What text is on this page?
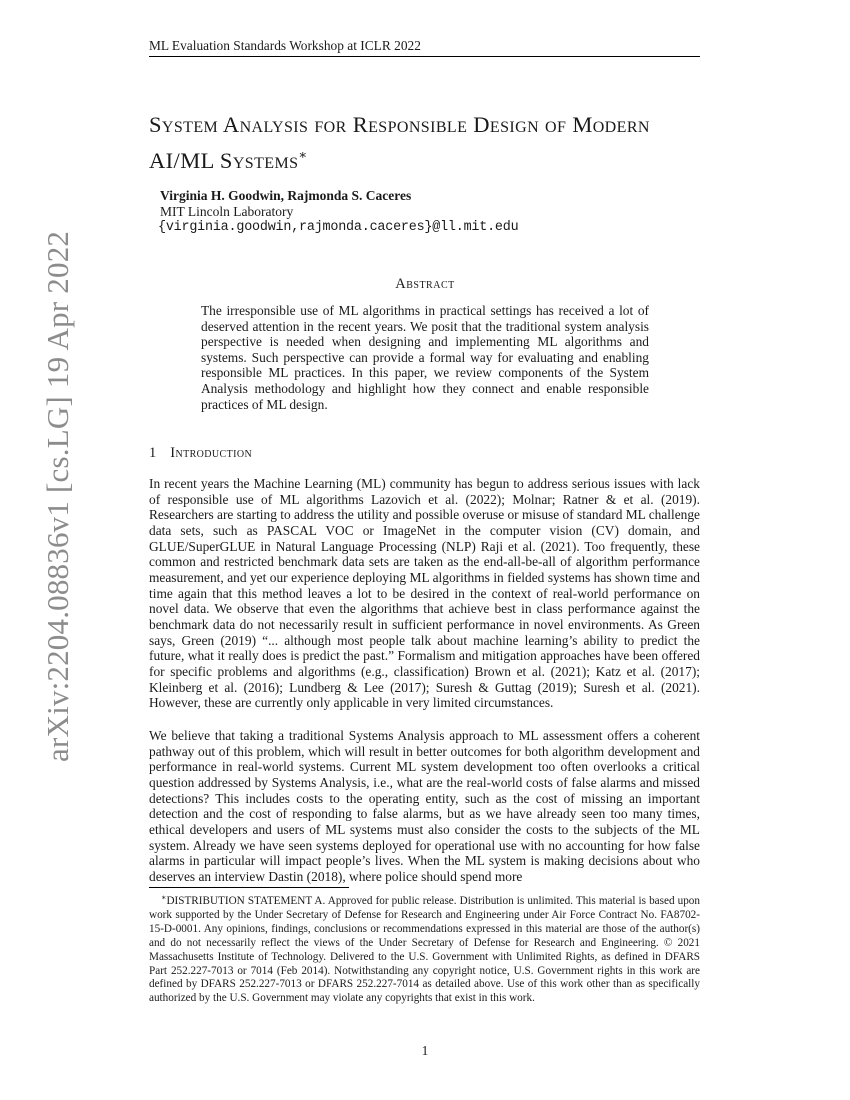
ML Evaluation Standards Workshop at ICLR 2022
arXiv:2204.08836v1 [cs.LG] 19 Apr 2022
System Analysis for Responsible Design of Modern AI/ML Systems∗
Virginia H. Goodwin, Rajmonda S. Caceres
MIT Lincoln Laboratory
{virginia.goodwin,rajmonda.caceres}@ll.mit.edu
Abstract
The irresponsible use of ML algorithms in practical settings has received a lot of deserved attention in the recent years. We posit that the traditional system analysis perspective is needed when designing and implementing ML algorithms and systems. Such perspective can provide a formal way for evaluating and enabling responsible ML practices. In this paper, we review components of the System Analysis methodology and highlight how they connect and enable responsible practices of ML design.
1 Introduction

In recent years the Machine Learning (ML) community has begun to address serious issues with lack of responsible use of ML algorithms Lazovich et al. (2022); Molnar; Ratner & et al. (2019). Researchers are starting to address the utility and possible overuse or misuse of standard ML challenge data sets, such as PASCAL VOC or ImageNet in the computer vision (CV) domain, and GLUE/SuperGLUE in Natural Language Processing (NLP) Raji et al. (2021). Too frequently, these common and restricted benchmark data sets are taken as the end-all-be-all of algorithm performance measurement, and yet our experience deploying ML algorithms in fielded systems has shown time and time again that this method leaves a lot to be desired in the context of real-world performance on novel data. We observe that even the algorithms that achieve best in class performance against the benchmark data do not necessarily result in sufficient performance in novel environments. As Green says, Green (2019) “... although most people talk about machine learning’s ability to predict the future, what it really does is predict the past.” Formalism and mitigation approaches have been offered for specific problems and algorithms (e.g., classification) Brown et al. (2021); Katz et al. (2017); Kleinberg et al. (2016); Lundberg & Lee (2017); Suresh & Guttag (2019); Suresh et al. (2021). However, these are currently only applicable in very limited circumstances.

We believe that taking a traditional Systems Analysis approach to ML assessment offers a coherent pathway out of this problem, which will result in better outcomes for both algorithm development and performance in real-world systems. Current ML system development too often overlooks a critical question addressed by Systems Analysis, i.e., what are the real-world costs of false alarms and missed detections? This includes costs to the operating entity, such as the cost of missing an important detection and the cost of responding to false alarms, but as we have already seen too many times, ethical developers and users of ML systems must also consider the costs to the subjects of the ML system. Already we have seen systems deployed for operational use with no accounting for how false alarms in particular will impact people’s lives. When the ML system is making decisions about who deserves an interview Dastin (2018), where police should spend more

∗DISTRIBUTION STATEMENT A. Approved for public release. Distribution is unlimited. This material is based upon work supported by the Under Secretary of Defense for Research and Engineering under Air Force Contract No. FA8702-15-D-0001. Any opinions, findings, conclusions or recommendations expressed in this material are those of the author(s) and do not necessarily reflect the views of the Under Secretary of Defense for Research and Engineering. © 2021 Massachusetts Institute of Technology. Delivered to the U.S. Government with Unlimited Rights, as defined in DFARS Part 252.227-7013 or 7014 (Feb 2014). Notwithstanding any copyright notice, U.S. Government rights in this work are defined by DFARS 252.227-7013 or DFARS 252.227-7014 as detailed above. Use of this work other than as specifically authorized by the U.S. Government may violate any copyrights that exist in this work.
1
